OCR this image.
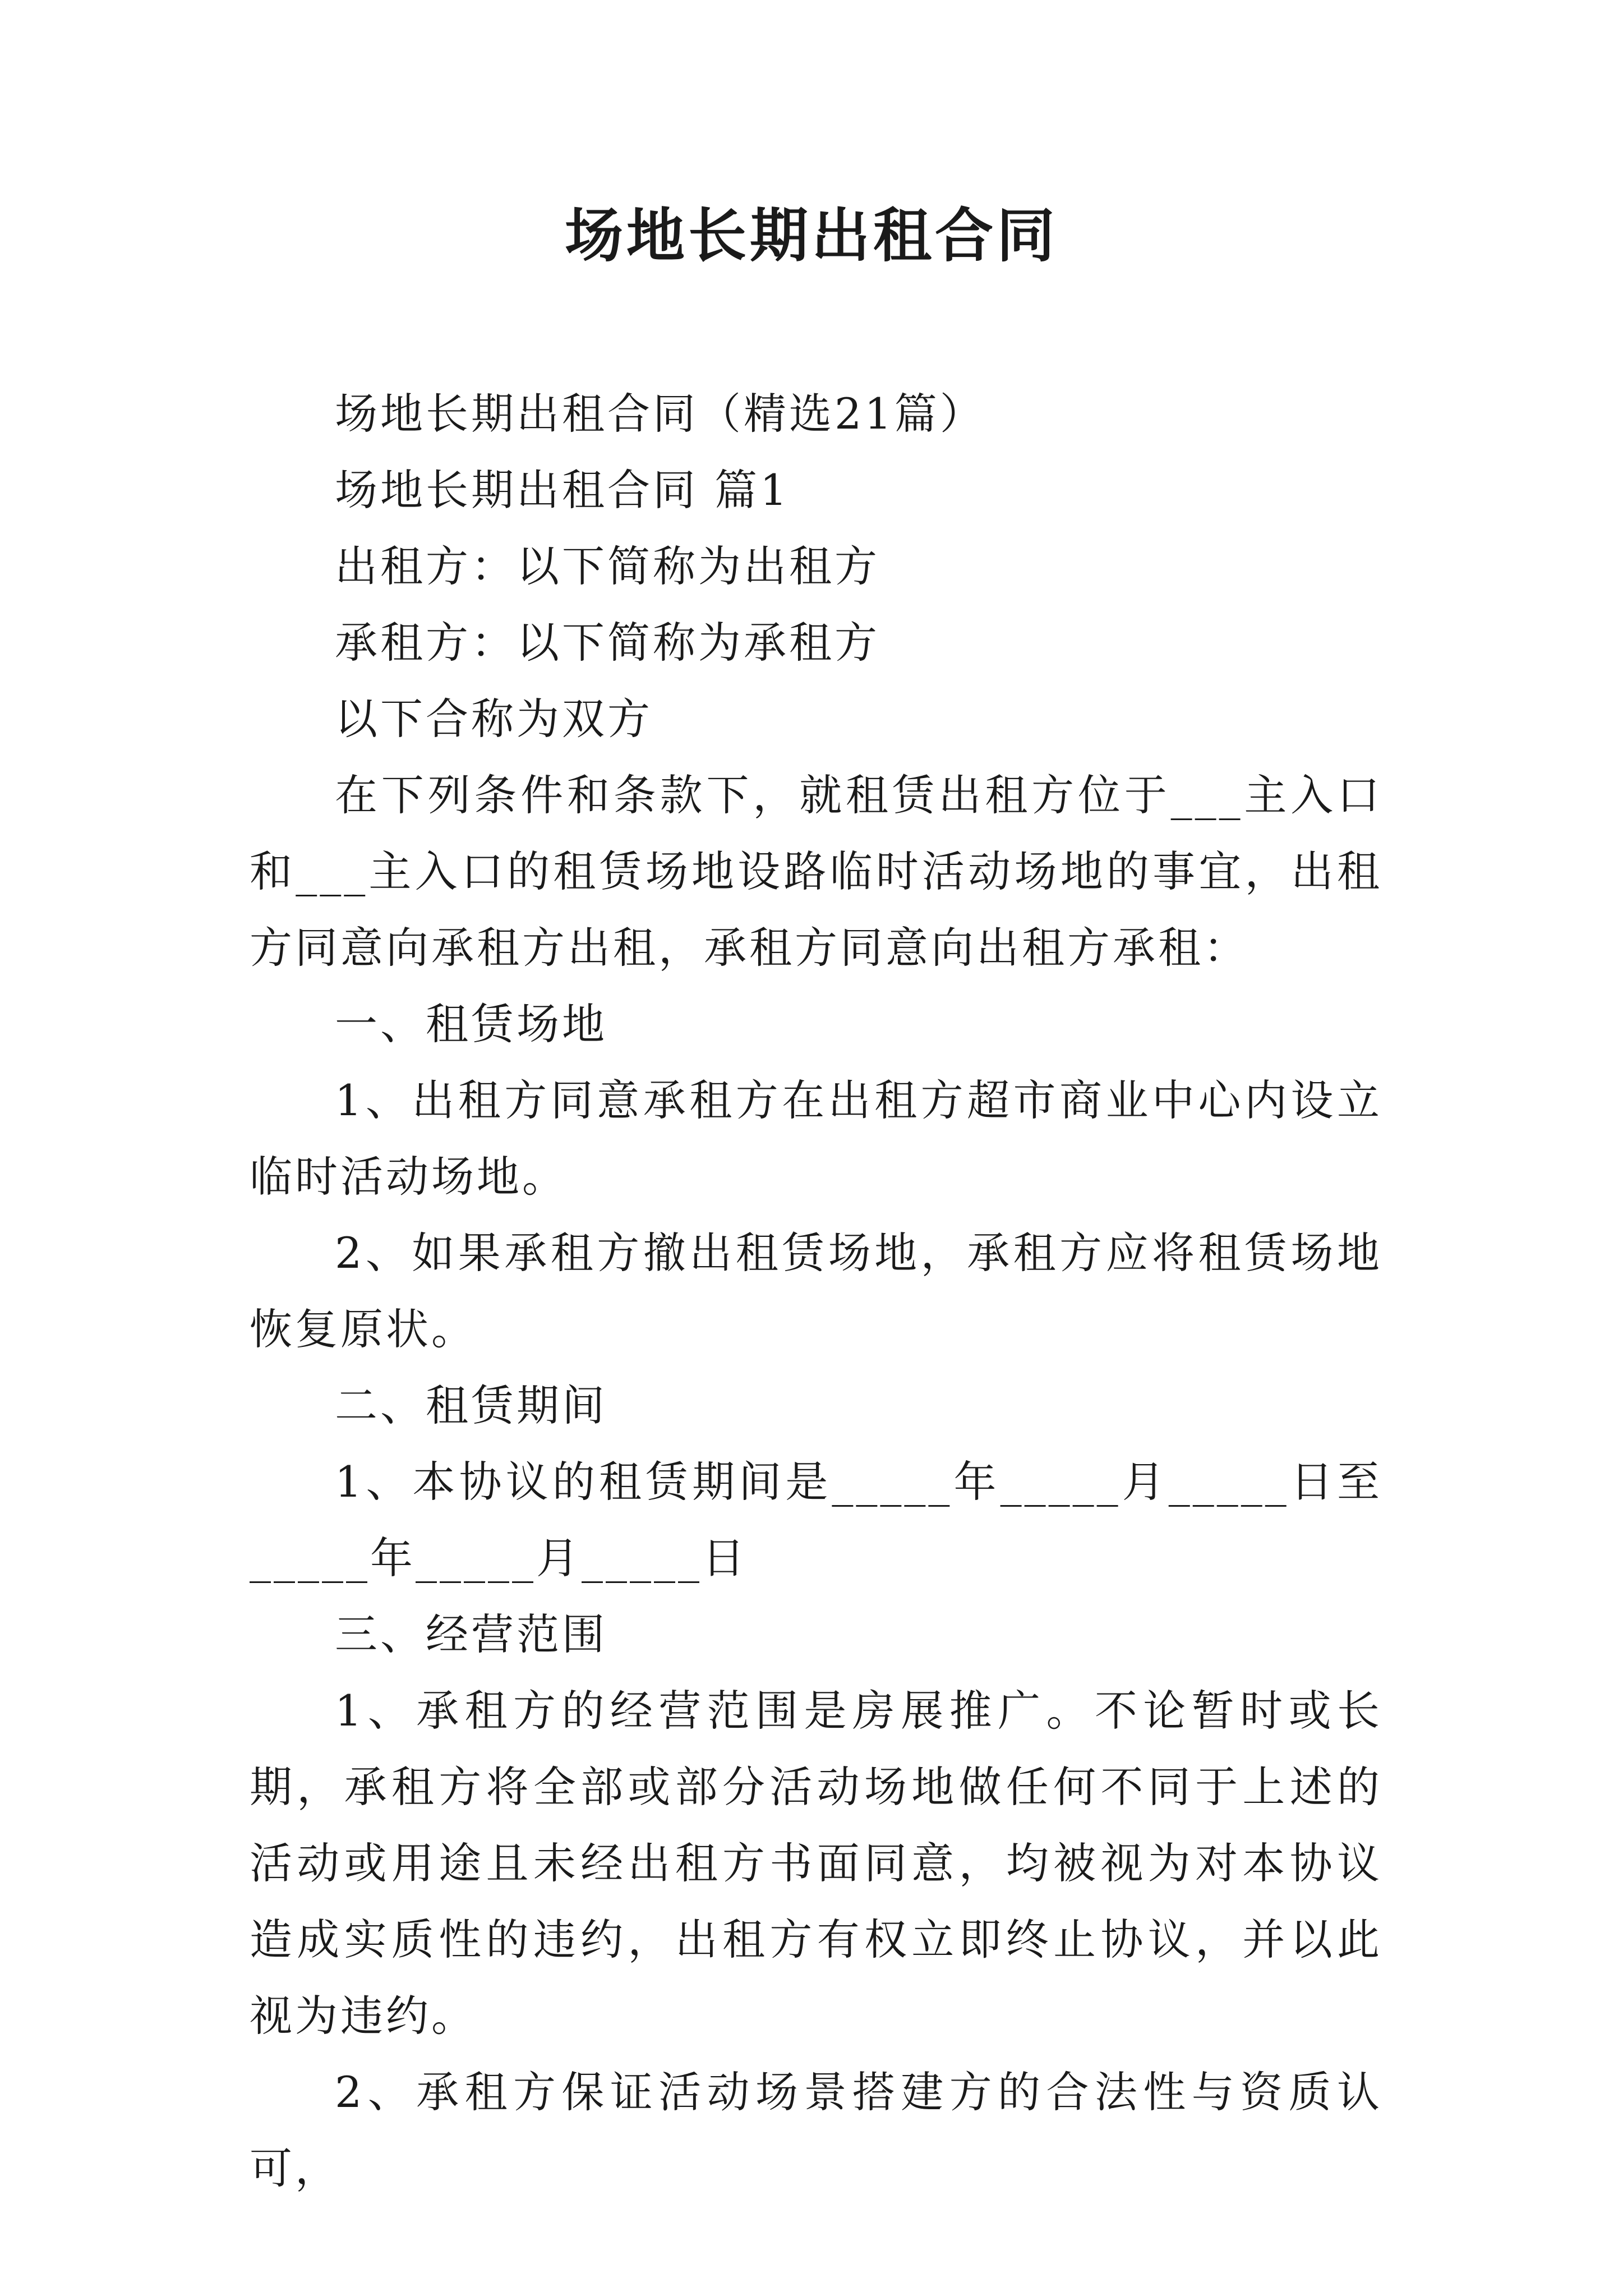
场地长期出租合同

场地长期出租合同（精选21篇）

场地长期出租合同 篇1

出租方：以下简称为出租方

承租方：以下简称为承租方

以下合称为双方

在下列条件和条款下，就租赁出租方位于___主入口和___主入口的租赁场地设路临时活动场地的事宜，出租方同意向承租方出租，承租方同意向出租方承租：

一、租赁场地

1、出租方同意承租方在出租方超市商业中心内设立临时活动场地。

2、如果承租方撤出租赁场地，承租方应将租赁场地恢复原状。

二、租赁期间

1、本协议的租赁期间是_____年_____月_____日至_____年_____月_____日

三、经营范围

1、承租方的经营范围是房展推广。不论暂时或长期，承租方将全部或部分活动场地做任何不同于上述的活动或用途且未经出租方书面同意，均被视为对本协议造成实质性的违约，出租方有权立即终止协议，并以此视为违约。

2、承租方保证活动场景搭建方的合法性与资质认可，
